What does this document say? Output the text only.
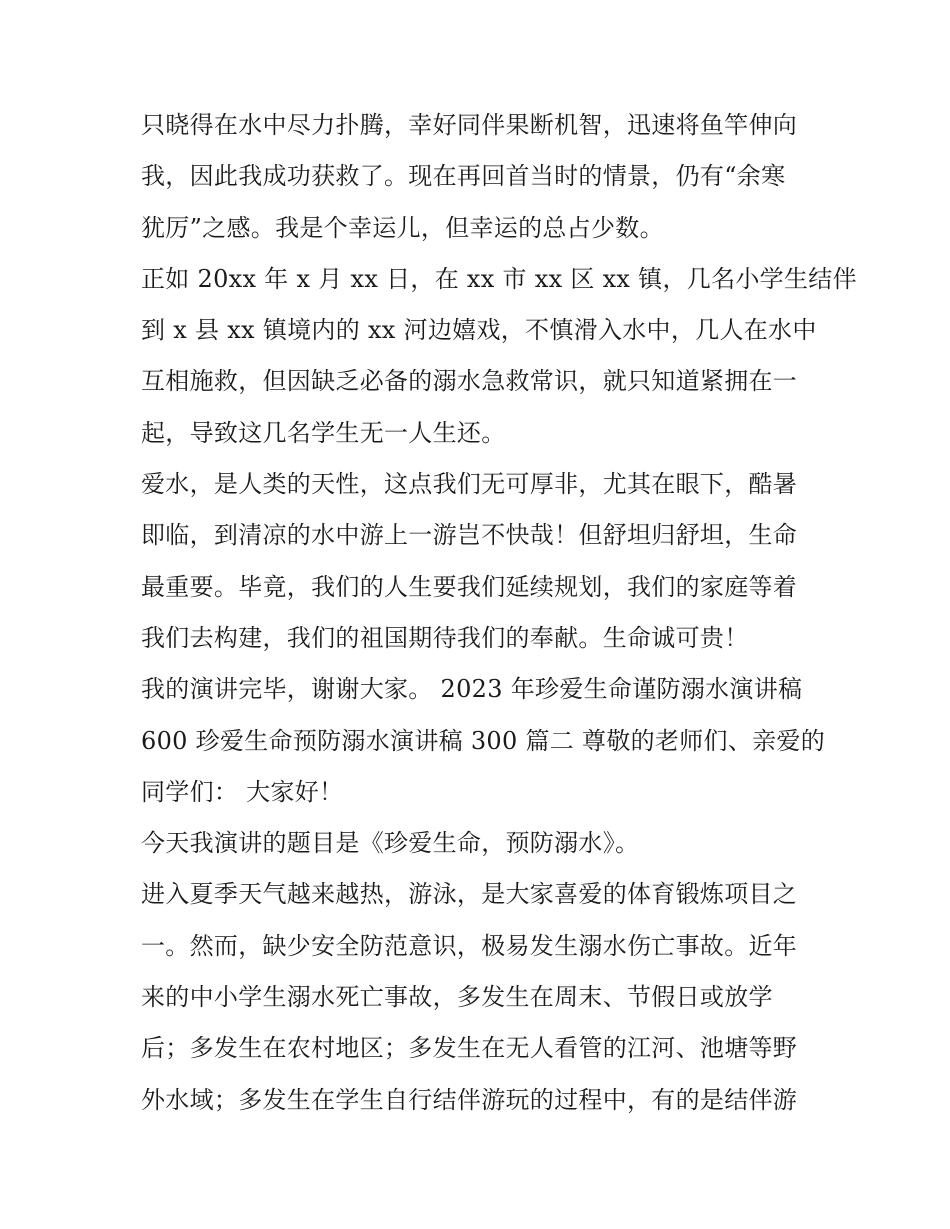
只晓得在水中尽力扑腾，幸好同伴果断机智，迅速将鱼竿伸向
我，因此我成功获救了。现在再回首当时的情景，仍有“余寒
犹厉”之感。我是个幸运儿，但幸运的总占少数。
正如 20xx 年 x 月 xx 日，在 xx 市 xx 区 xx 镇，几名小学生结伴
到 x 县 xx 镇境内的 xx 河边嬉戏，不慎滑入水中，几人在水中
互相施救，但因缺乏必备的溺水急救常识，就只知道紧拥在一
起，导致这几名学生无一人生还。
爱水，是人类的天性，这点我们无可厚非，尤其在眼下，酷暑
即临，到清凉的水中游上一游岂不快哉！但舒坦归舒坦，生命
最重要。毕竟，我们的人生要我们延续规划，我们的家庭等着
我们去构建，我们的祖国期待我们的奉献。生命诚可贵！
我的演讲完毕，谢谢大家。 2023 年珍爱生命谨防溺水演讲稿
600 珍爱生命预防溺水演讲稿 300 篇二 尊敬的老师们、亲爱的
同学们： 大家好！
今天我演讲的题目是《珍爱生命，预防溺水》。
进入夏季天气越来越热，游泳，是大家喜爱的体育锻炼项目之
一。然而，缺少安全防范意识，极易发生溺水伤亡事故。近年
来的中小学生溺水死亡事故，多发生在周末、节假日或放学
后；多发生在农村地区；多发生在无人看管的江河、池塘等野
外水域；多发生在学生自行结伴游玩的过程中，有的是结伴游
